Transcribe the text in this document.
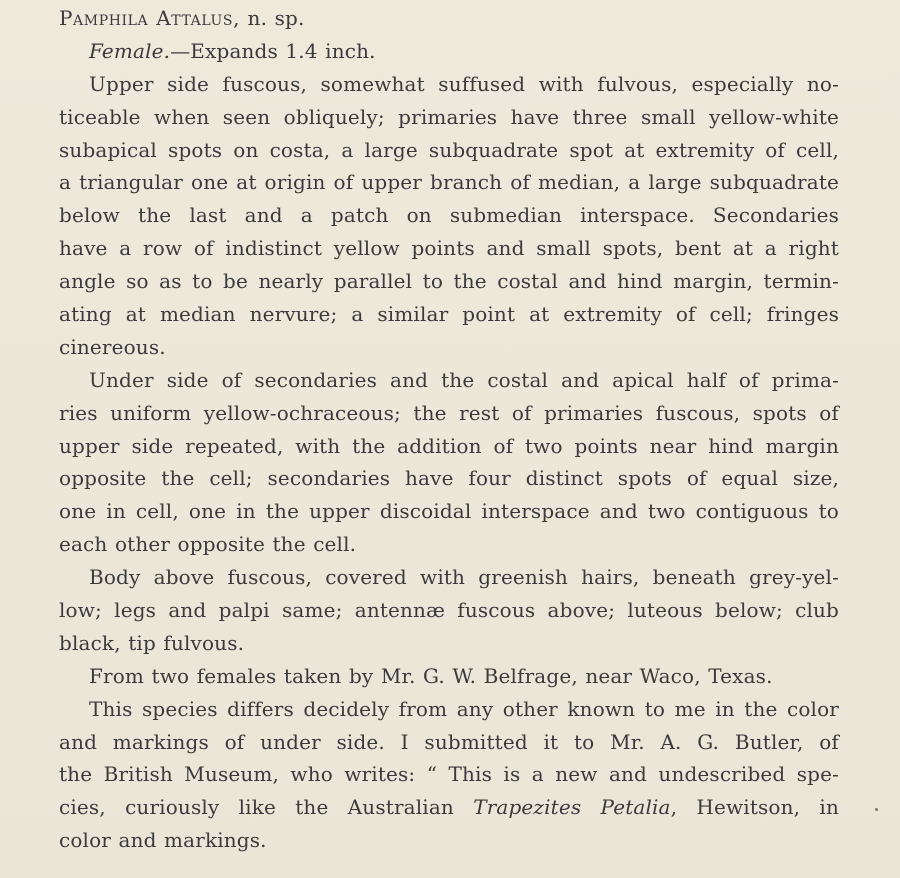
Pamphila Attalus, n. sp.
Female.—Expands 1.4 inch.
Upper side fuscous, somewhat suffused with fulvous, especially no-
ticeable when seen obliquely; primaries have three small yellow-white
subapical spots on costa, a large subquadrate spot at extremity of cell,
a triangular one at origin of upper branch of median, a large subquadrate
below the last and a patch on submedian interspace. Secondaries
have a row of indistinct yellow points and small spots, bent at a right
angle so as to be nearly parallel to the costal and hind margin, termin-
ating at median nervure; a similar point at extremity of cell; fringes
cinereous.
Under side of secondaries and the costal and apical half of prima-
ries uniform yellow-ochraceous; the rest of primaries fuscous, spots of
upper side repeated, with the addition of two points near hind margin
opposite the cell; secondaries have four distinct spots of equal size,
one in cell, one in the upper discoidal interspace and two contiguous to
each other opposite the cell.
Body above fuscous, covered with greenish hairs, beneath grey-yel-
low; legs and palpi same; antennæ fuscous above; luteous below; club
black, tip fulvous.
From two females taken by Mr. G. W. Belfrage, near Waco, Texas.
This species differs decidely from any other known to me in the color
and markings of under side. I submitted it to Mr. A. G. Butler, of
the British Museum, who writes: “ This is a new and undescribed spe-
cies, curiously like the Australian Trapezites Petalia, Hewitson, in
color and markings.
